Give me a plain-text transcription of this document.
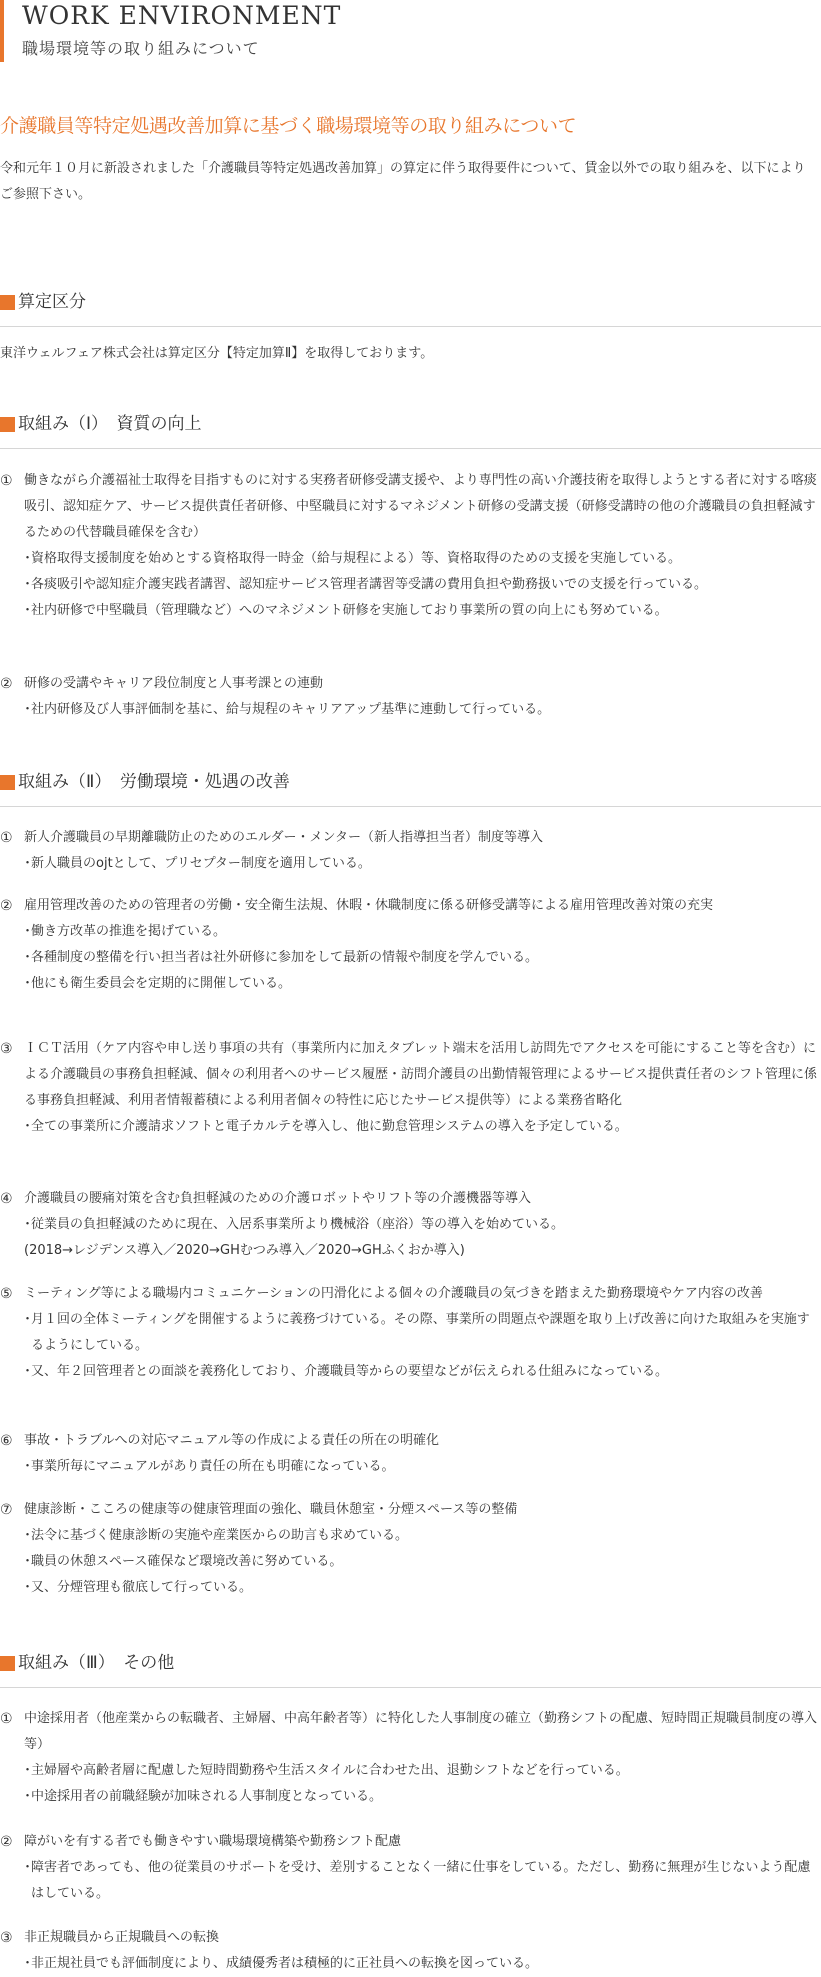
WORK ENVIRONMENT
職場環境等の取り組みについて
介護職員等特定処遇改善加算に基づく職場環境等の取り組みについて

令和元年１０月に新設されました「介護職員等特定処遇改善加算」の算定に伴う取得要件について、賃金以外での取り組みを、以下によりご参照下さい。

算定区分

東洋ウェルフェア株式会社は算定区分【特定加算Ⅱ】を取得しております。

取組み（Ⅰ）　資質の向上
① 働きながら介護福祉士取得を目指すものに対する実務者研修受講支援や、より専門性の高い介護技術を取得しようとする者に対する喀痰吸引、認知症ケア、サービス提供責任者研修、中堅職員に対するマネジメント研修の受講支援（研修受講時の他の介護職員の負担軽減するための代替職員確保を含む）
・
資格取得支援制度を始めとする資格取得一時金（給与規程による）等、資格取得のための支援を実施している。
・
各痰吸引や認知症介護実践者講習、認知症サービス管理者講習等受講の費用負担や勤務扱いでの支援を行っている。
・
社内研修で中堅職員（管理職など）へのマネジメント研修を実施しており事業所の質の向上にも努めている。
② 研修の受講やキャリア段位制度と人事考課との連動
・
社内研修及び人事評価制を基に、給与規程のキャリアアップ基準に連動して行っている。
取組み（Ⅱ）　労働環境・処遇の改善
① 新人介護職員の早期離職防止のためのエルダー・メンター（新人指導担当者）制度等導入
・
新人職員のojtとして、プリセプター制度を適用している。
② 雇用管理改善のための管理者の労働・安全衛生法規、休暇・休職制度に係る研修受講等による雇用管理改善対策の充実
・
働き方改革の推進を掲げている。
・
各種制度の整備を行い担当者は社外研修に参加をして最新の情報や制度を学んでいる。
・
他にも衛生委員会を定期的に開催している。
③ ＩＣＴ活用（ケア内容や申し送り事項の共有（事業所内に加えタブレット端末を活用し訪問先でアクセスを可能にすること等を含む）による介護職員の事務負担軽減、個々の利用者へのサービス履歴・訪問介護員の出勤情報管理によるサービス提供責任者のシフト管理に係る事務負担軽減、利用者情報蓄積による利用者個々の特性に応じたサービス提供等）による業務省略化
・
全ての事業所に介護請求ソフトと電子カルテを導入し、他に勤怠管理システムの導入を予定している。
④ 介護職員の腰痛対策を含む負担軽減のための介護ロボットやリフト等の介護機器等導入
・
従業員の負担軽減のために現在、入居系事業所より機械浴（座浴）等の導入を始めている。
(2018→レジデンス導入／2020→GHむつみ導入／2020→GHふくおか導入)
⑤ ミーティング等による職場内コミュニケーションの円滑化による個々の介護職員の気づきを踏まえた勤務環境やケア内容の改善
・
月１回の全体ミーティングを開催するように義務づけている。その際、事業所の問題点や課題を取り上げ改善に向けた取組みを実施するようにしている。
・
又、年２回管理者との面談を義務化しており、介護職員等からの要望などが伝えられる仕組みになっている。
⑥ 事故・トラブルへの対応マニュアル等の作成による責任の所在の明確化
・
事業所毎にマニュアルがあり責任の所在も明確になっている。
⑦ 健康診断・こころの健康等の健康管理面の強化、職員休憩室・分煙スペース等の整備
・
法令に基づく健康診断の実施や産業医からの助言も求めている。
・
職員の休憩スペース確保など環境改善に努めている。
・
又、分煙管理も徹底して行っている。
取組み（Ⅲ）　その他
① 中途採用者（他産業からの転職者、主婦層、中高年齢者等）に特化した人事制度の確立（勤務シフトの配慮、短時間正規職員制度の導入等）
・
主婦層や高齢者層に配慮した短時間勤務や生活スタイルに合わせた出、退勤シフトなどを行っている。
・
中途採用者の前職経験が加味される人事制度となっている。
② 障がいを有する者でも働きやすい職場環境構築や勤務シフト配慮
・
障害者であっても、他の従業員のサポートを受け、差別することなく一緒に仕事をしている。ただし、勤務に無理が生じないよう配慮はしている。
③ 非正規職員から正規職員への転換
・
非正規社員でも評価制度により、成績優秀者は積極的に正社員への転換を図っている。
